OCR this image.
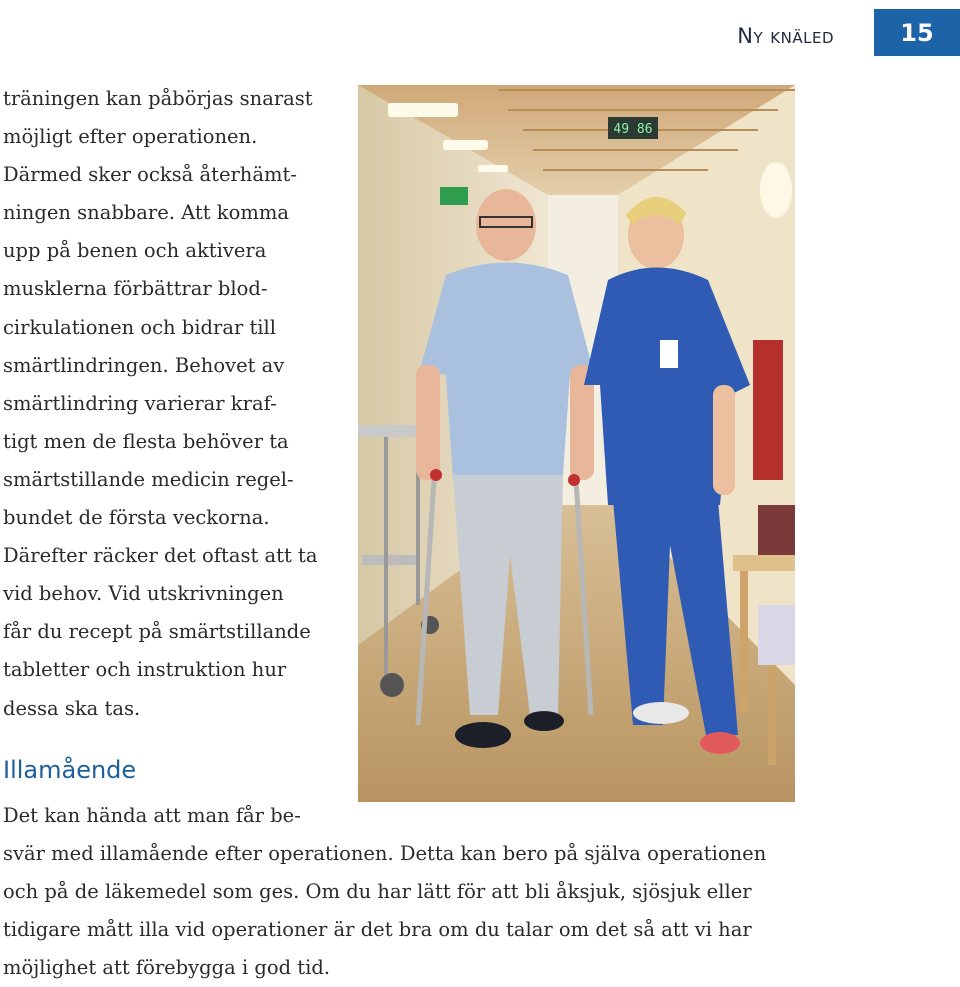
Ny knäled	15
träningen kan påbörjas snarast
möjligt efter operationen.
Därmed sker också återhämt-
ningen snabbare. Att komma
upp på benen och aktivera
musklerna förbättrar blod-
cirkulationen och bidrar till
smärtlindringen. Behovet av
smärtlindring varierar kraf-
tigt men de flesta behöver ta
smärtstillande medicin regel-
bundet de första veckorna.
Därefter räcker det oftast att ta
vid behov. Vid utskrivningen
får du recept på smärtstillande
tabletter och instruktion hur
dessa ska tas.
Illamående
Det kan hända att man får be-
svär med illamående efter operationen. Detta kan bero på själva operationen
och på de läkemedel som ges. Om du har lätt för att bli åksjuk, sjösjuk eller
tidigare mått illa vid operationer är det bra om du talar om det så att vi har
möjlighet att förebygga i god tid.
49 86
